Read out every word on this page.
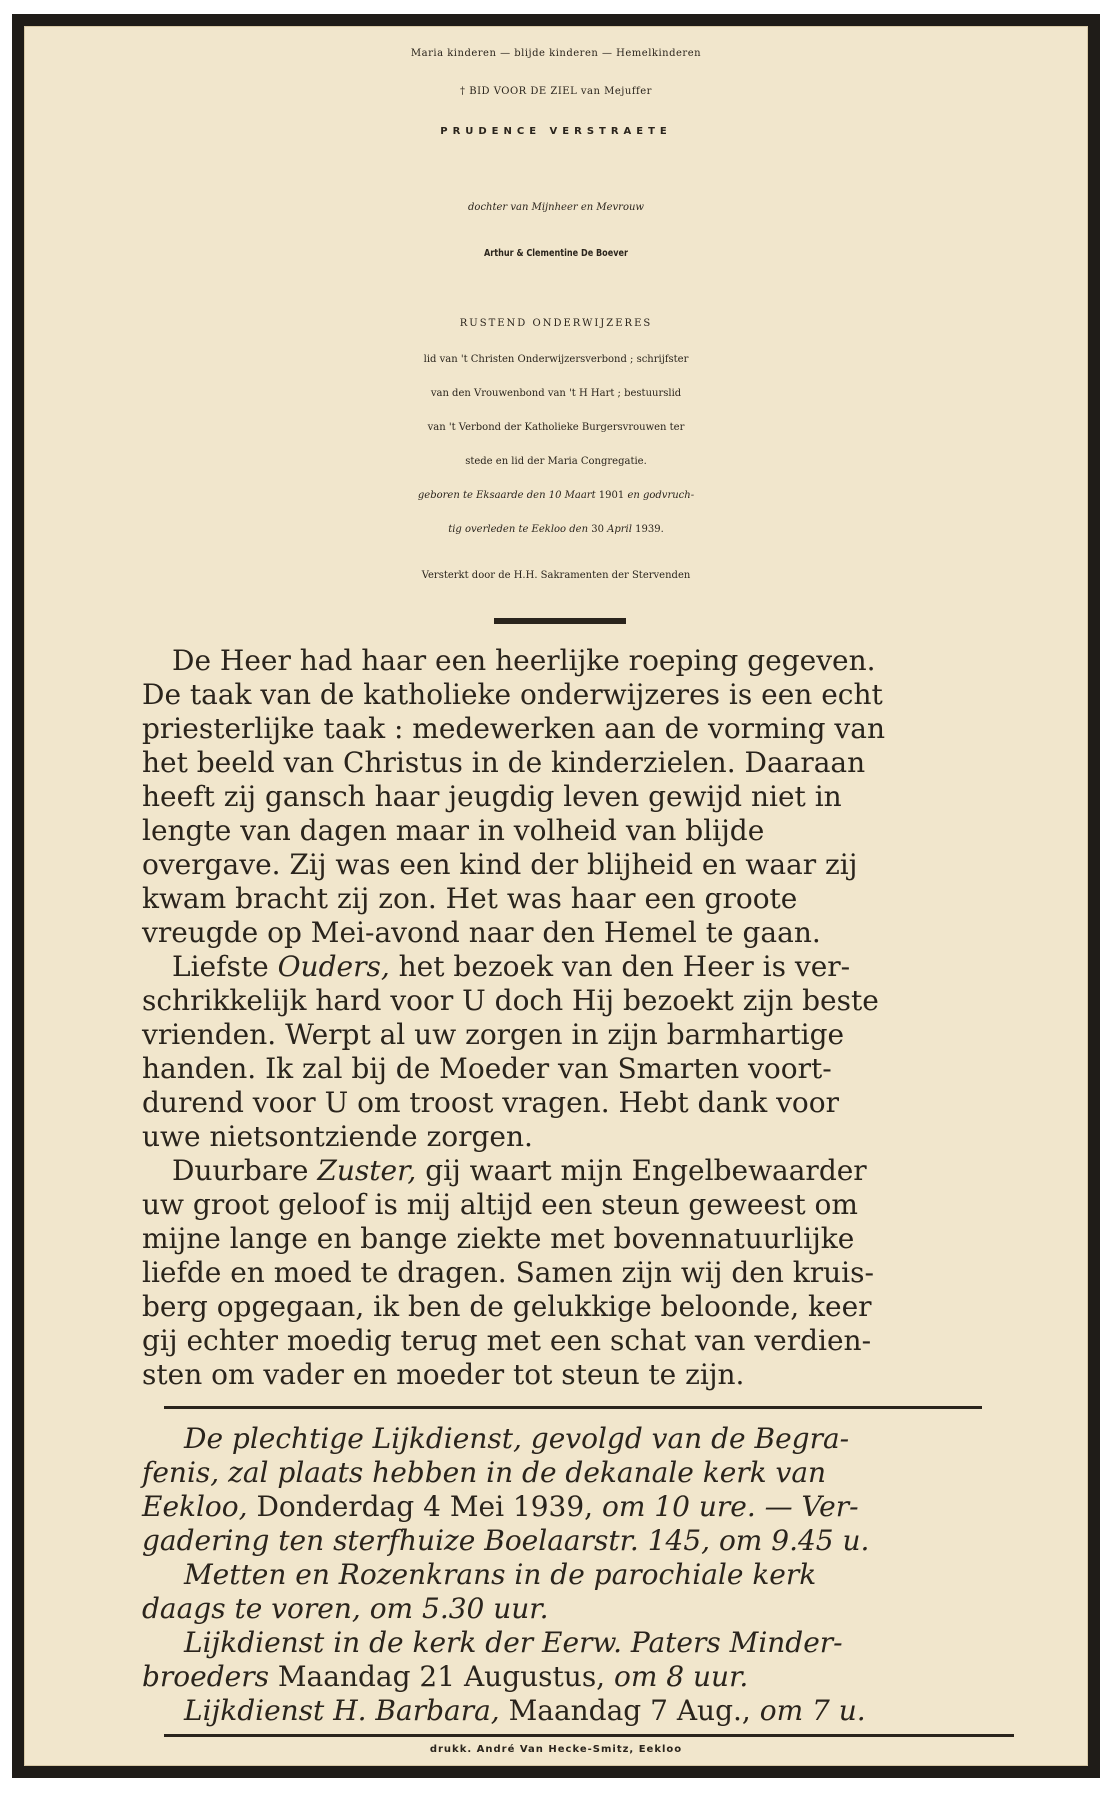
Maria kinderen — blijde kinderen — Hemelkinderen

† BID VOOR DE ZIEL van Mejuffer

PRUDENCE VERSTRAETE

dochter van Mijnheer en Mevrouw

Arthur & Clementine De Boever

RUSTEND ONDERWIJZERES

lid van 't Christen Onderwijzersverbond ; schrijfster

van den Vrouwenbond van 't H Hart ; bestuurslid

van 't Verbond der Katholieke Burgersvrouwen ter

stede en lid der Maria Congregatie.

geboren te Eksaarde den 10 Maart 1901 en godvruch-

tig overleden te Eekloo den 30 April 1939.

Versterkt door de H.H. Sakramenten der Stervenden

De Heer had haar een heerlijke roeping gegeven.

De taak van de katholieke onderwijzeres is een echt

priesterlijke taak : medewerken aan de vorming van

het beeld van Christus in de kinderzielen. Daaraan

heeft zij gansch haar jeugdig leven gewijd niet in

lengte van dagen maar in volheid van blijde

overgave. Zij was een kind der blijheid en waar zij

kwam bracht zij zon. Het was haar een groote

vreugde op Mei-avond naar den Hemel te gaan.

Liefste Ouders, het bezoek van den Heer is ver-

schrikkelijk hard voor U doch Hij bezoekt zijn beste

vrienden. Werpt al uw zorgen in zijn barmhartige

handen. Ik zal bij de Moeder van Smarten voort-

durend voor U om troost vragen. Hebt dank voor

uwe nietsontziende zorgen.

Duurbare Zuster, gij waart mijn Engelbewaarder

uw groot geloof is mij altijd een steun geweest om

mijne lange en bange ziekte met bovennatuurlijke

liefde en moed te dragen. Samen zijn wij den kruis-

berg opgegaan, ik ben de gelukkige beloonde, keer

gij echter moedig terug met een schat van verdien-

sten om vader en moeder tot steun te zijn.

De plechtige Lijkdienst, gevolgd van de Begra-

fenis, zal plaats hebben in de dekanale kerk van

Eekloo, Donderdag 4 Mei 1939, om 10 ure. — Ver-

gadering ten sterfhuize Boelaarstr. 145, om 9.45 u.

Metten en Rozenkrans in de parochiale kerk

daags te voren, om 5.30 uur.

Lijkdienst in de kerk der Eerw. Paters Minder-

broeders Maandag 21 Augustus, om 8 uur.

Lijkdienst H. Barbara, Maandag 7 Aug., om 7 u.

drukk. André Van Hecke-Smitz, Eekloo
